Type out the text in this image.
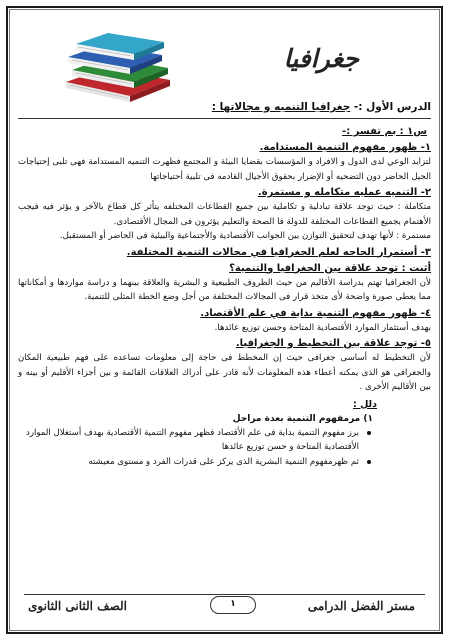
جغرافيا
الدرس الأول :- جغرافيا التنميه و مجالاتها :
س١ : بم تفسر :-
١- ظهور مفهوم التنمية المستدامة.
لتزايد الوعي لدى الدول و الافراد و المؤسسات بقضايا البيئة و المجتمع فظهرت التنميه المستدامة فهى تلبى إحتياجات الجيل الحاضر دون التضحيه أو الإضرار بحقوق الأجيال القادمه فى تلبية أحتياجاتها
٢- التنميه عمليه متكامله و مستمرة.
متكاملة : حيث توجد علاقة تبادلية و تكاملية بين جميع القطاعات المختلفه يتأثر كل قطاع بالآخر و يؤثر فيه فيجب الأهتمام بجميع القطاعات المختلفة للدولة فا الصحة والتعليم يؤثرون فى المجال الأقتصادى.
مستمرة : لأنها تهدف لتحقيق التوازن بين الجوانب الأقتصادية والأجتماعية والبيئية فى الحاضر أو المستقبل.
٣- أستمرار الحاجه لعلم الجغرافيا في مجالات التنمية المختلفة.
أثبت : توجد علاقة بين الجغرافيا والتنمية؟
لأن الجغرافيا تهتم بدراسة الأقاليم من حيث الظروف الطبيعية و البشرية والعلاقة بينهما و دراسة مواردها و أمكاناتها مما يعطى صورة واضحة لأى متخذ قرار فى المجالات المختلفة من أجل وضع الخطة المثلى للتنمية.
٤- ظهور مفهوم التنمية بداية في علم الأقتصاد.
بهدف أستثمار الموارد الأقتصادية المتاحة وحسن توزيع عائدها.
٥- توجد علاقة بين التخطيط و الجغرافيا.
لأن التخطيط له أساسى جغرافى حيث إن المخطط فى حاجة إلى معلومات تساعده على فهم طبيعية المكان والجغرافى هو الذى يمكنه أعطاء هذه المعلومات لأنه قادر على أدراك العلاقات القائمة و بين أجزاء الأقليم أو بينه و بين الأقاليم الأخرى .
دلل :
١) مرمفهوم التنمية بعدة مراحل
برز مفهوم التنمية بداية فى علم الأقتصاد فظهر مفهوم التنمية الأقتصادية بهدف أستغلال الموارد الأقتصادية المتاحة و حسن توزيع عائدها
ثم ظهرمفهوم التنمية البشرية الذى يركز على قدرات الفرد و مستوى معيشته
مستر الفضل الدرامى
١
الصف الثانى الثانوى
